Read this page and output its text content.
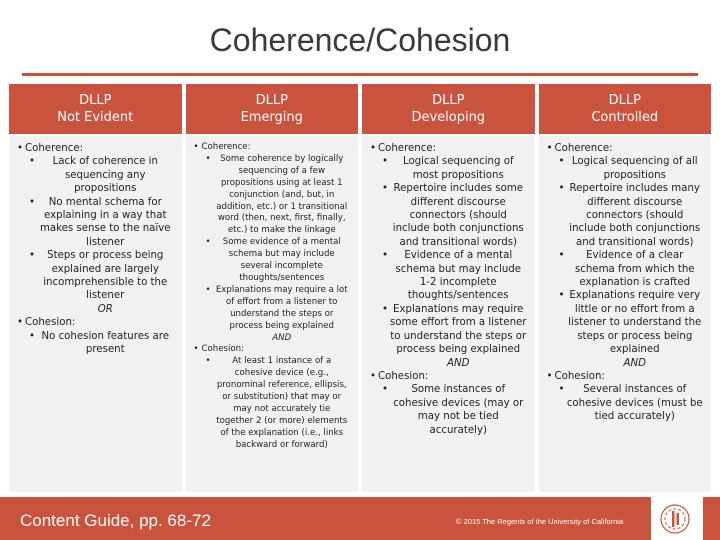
Coherence/Cohesion
DLLP
Not Evident
• Coherence:
•	Lack of coherence in sequencing any propositions
•	No mental schema for explaining in a way that makes sense to the naïve listener
•	Steps or process being explained are largely incomprehensible to the listener
OR
• Cohesion:
• No cohesion features are present
DLLP
Emerging
• Coherence:
•	Some coherence by logically sequencing of a few propositions using at least 1 conjunction (and, but, in addition, etc.) or 1 transitional word (then, next, first, finally, etc.) to make the linkage
•	Some evidence of a mental schema but may include several incomplete thoughts/sentences
• Explanations may require a lot of effort from a listener to understand the steps or process being explained
AND
• Cohesion:
•	At least 1 instance of a cohesive device (e.g., pronominal reference, ellipsis, or substitution) that may or may not accurately tie together 2 (or more) elements of the explanation (i.e., links backward or forward)
DLLP
Developing
• Coherence:
•	Logical sequencing of most propositions
• Repertoire includes some different discourse connectors (should include both conjunctions and transitional words)
•	Evidence of a mental schema but may include 1-2 incomplete thoughts/sentences
• Explanations may require some effort from a listener to understand the steps or process being explained
AND
• Cohesion:
•	Some instances of cohesive devices (may or may not be tied accurately)
DLLP
Controlled
• Coherence:
• Logical sequencing of all propositions
• Repertoire includes many different discourse connectors (should include both conjunctions and transitional words)
•	Evidence of a clear schema from which the explanation is crafted
• Explanations require very little or no effort from a listener to understand the steps or process being explained
AND
• Cohesion:
•	Several instances of cohesive devices (must be tied accurately)
Content Guide, pp. 68-72	© 2015 The Regents of the University of California
